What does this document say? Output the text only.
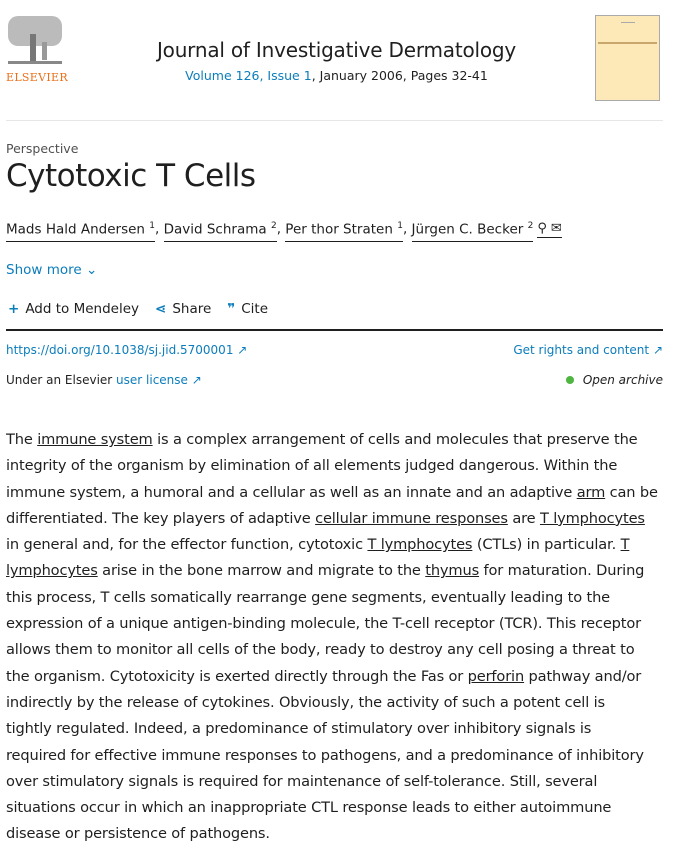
ELSEVIER
Journal of Investigative Dermatology
Volume 126, Issue 1, January 2006, Pages 32-41
Perspective
Cytotoxic T Cells
Mads Hald Andersen $^1$ , David Schrama $^2$ , Per thor Straten $^1$ , Jürgen C. Becker $^2$ ⚲ ✉
Show more ⌄
+ Add to Mendeley ⋖ Share ❞ Cite
https://doi.org/10.1038/sj.jid.5700001 ↗	Get rights and content ↗
Under an Elsevier user license ↗	Open archive
The immune system is a complex arrangement of cells and molecules that preserve the
integrity of the organism by elimination of all elements judged dangerous. Within the
immune system, a humoral and a cellular as well as an innate and an adaptive arm can be
differentiated. The key players of adaptive cellular immune responses are T lymphocytes
in general and, for the effector function, cytotoxic T lymphocytes (CTLs) in particular. T
lymphocytes arise in the bone marrow and migrate to the thymus for maturation. During
this process, T cells somatically rearrange gene segments, eventually leading to the
expression of a unique antigen-binding molecule, the T-cell receptor (TCR). This receptor
allows them to monitor all cells of the body, ready to destroy any cell posing a threat to
the organism. Cytotoxicity is exerted directly through the Fas or perforin pathway and/or
indirectly by the release of cytokines. Obviously, the activity of such a potent cell is
tightly regulated. Indeed, a predominance of stimulatory over inhibitory signals is
required for effective immune responses to pathogens, and a predominance of inhibitory
over stimulatory signals is required for maintenance of self-tolerance. Still, several
situations occur in which an inappropriate CTL response leads to either autoimmune
disease or persistence of pathogens.
